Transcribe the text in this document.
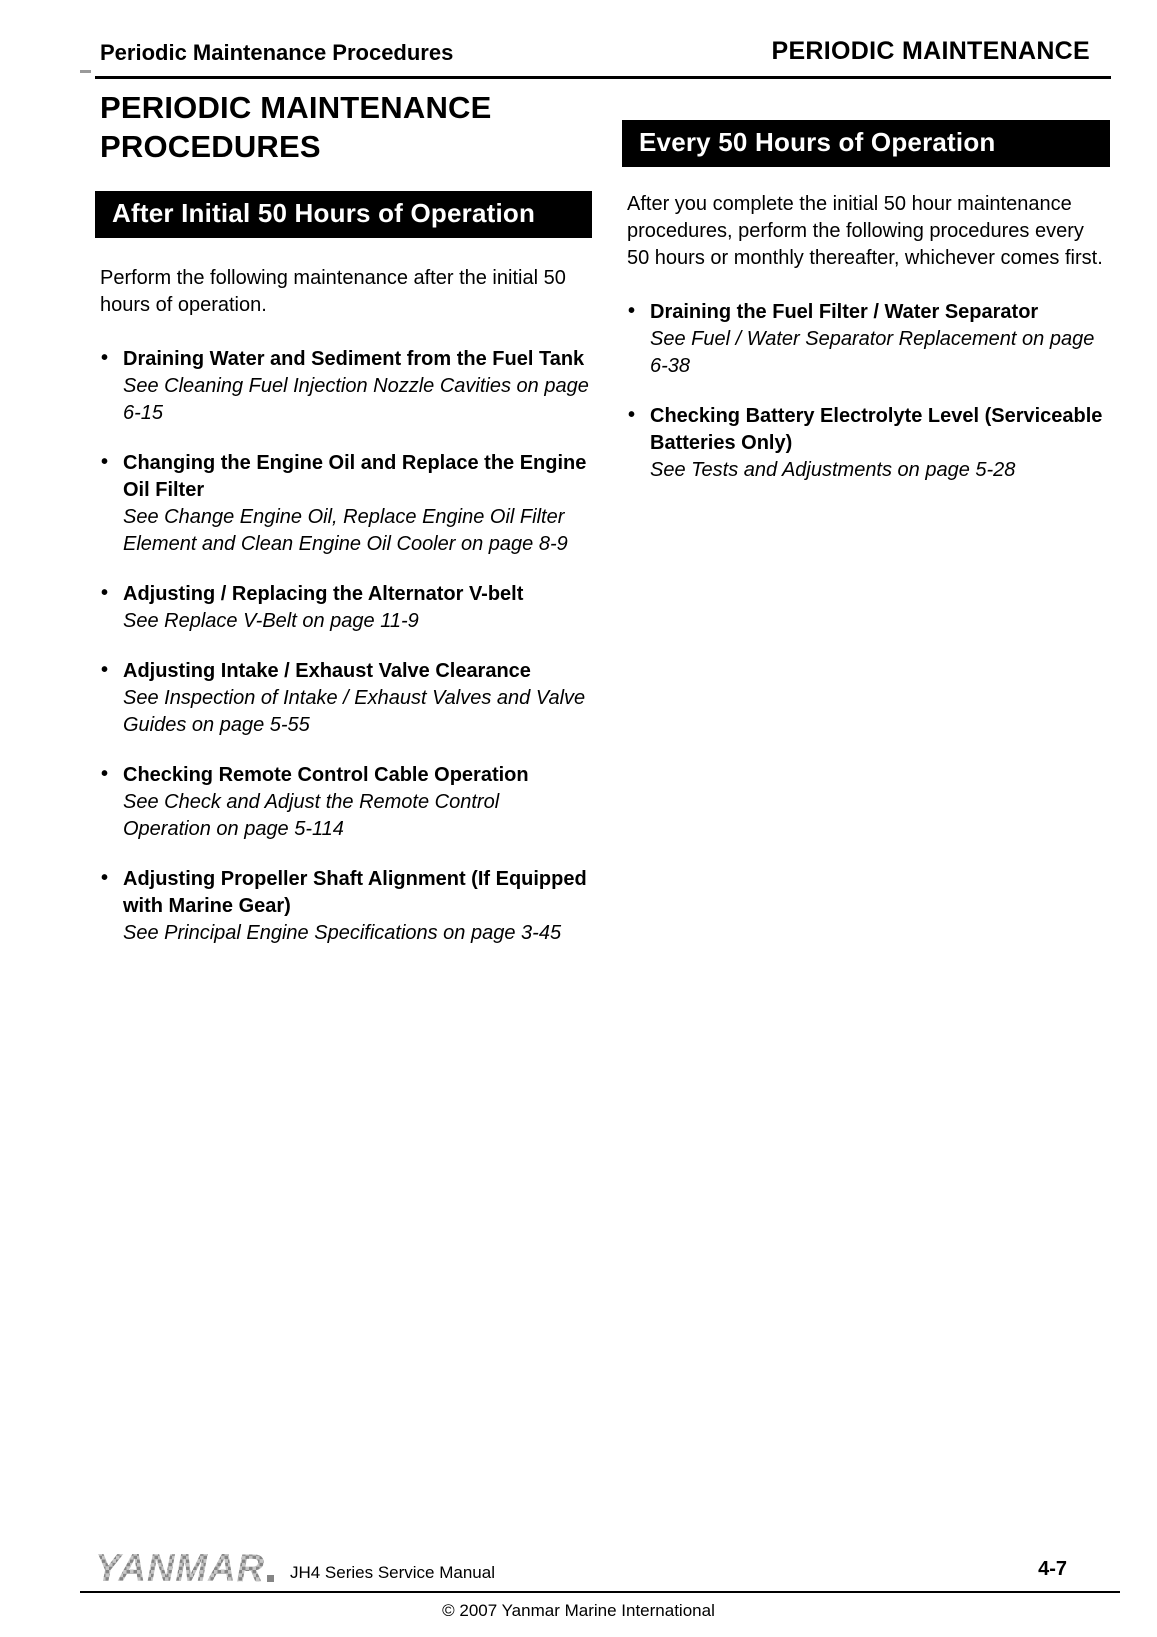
Periodic Maintenance Procedures	PERIODIC MAINTENANCE
PERIODIC MAINTENANCE PROCEDURES
After Initial 50 Hours of Operation

Perform the following maintenance after the initial 50 hours of operation.

• Draining Water and Sediment from the Fuel Tank
See Cleaning Fuel Injection Nozzle Cavities on page 6-15
• Changing the Engine Oil and Replace the Engine Oil Filter
See Change Engine Oil, Replace Engine Oil Filter Element and Clean Engine Oil Cooler on page 8-9
• Adjusting / Replacing the Alternator V-belt
See Replace V-Belt on page 11-9
• Adjusting Intake / Exhaust Valve Clearance
See Inspection of Intake / Exhaust Valves and Valve Guides on page 5-55
• Checking Remote Control Cable Operation
See Check and Adjust the Remote Control Operation on page 5-114
• Adjusting Propeller Shaft Alignment (If Equipped with Marine Gear)
See Principal Engine Specifications on page 3-45
Every 50 Hours of Operation

After you complete the initial 50 hour maintenance procedures, perform the following procedures every 50 hours or monthly thereafter, whichever comes first.

• Draining the Fuel Filter / Water Separator
See Fuel / Water Separator Replacement on page 6-38
• Checking Battery Electrolyte Level (Serviceable Batteries Only)
See Tests and Adjustments on page 5-28
YANMAR JH4 Series Service Manual	4-7
© 2007 Yanmar Marine International
